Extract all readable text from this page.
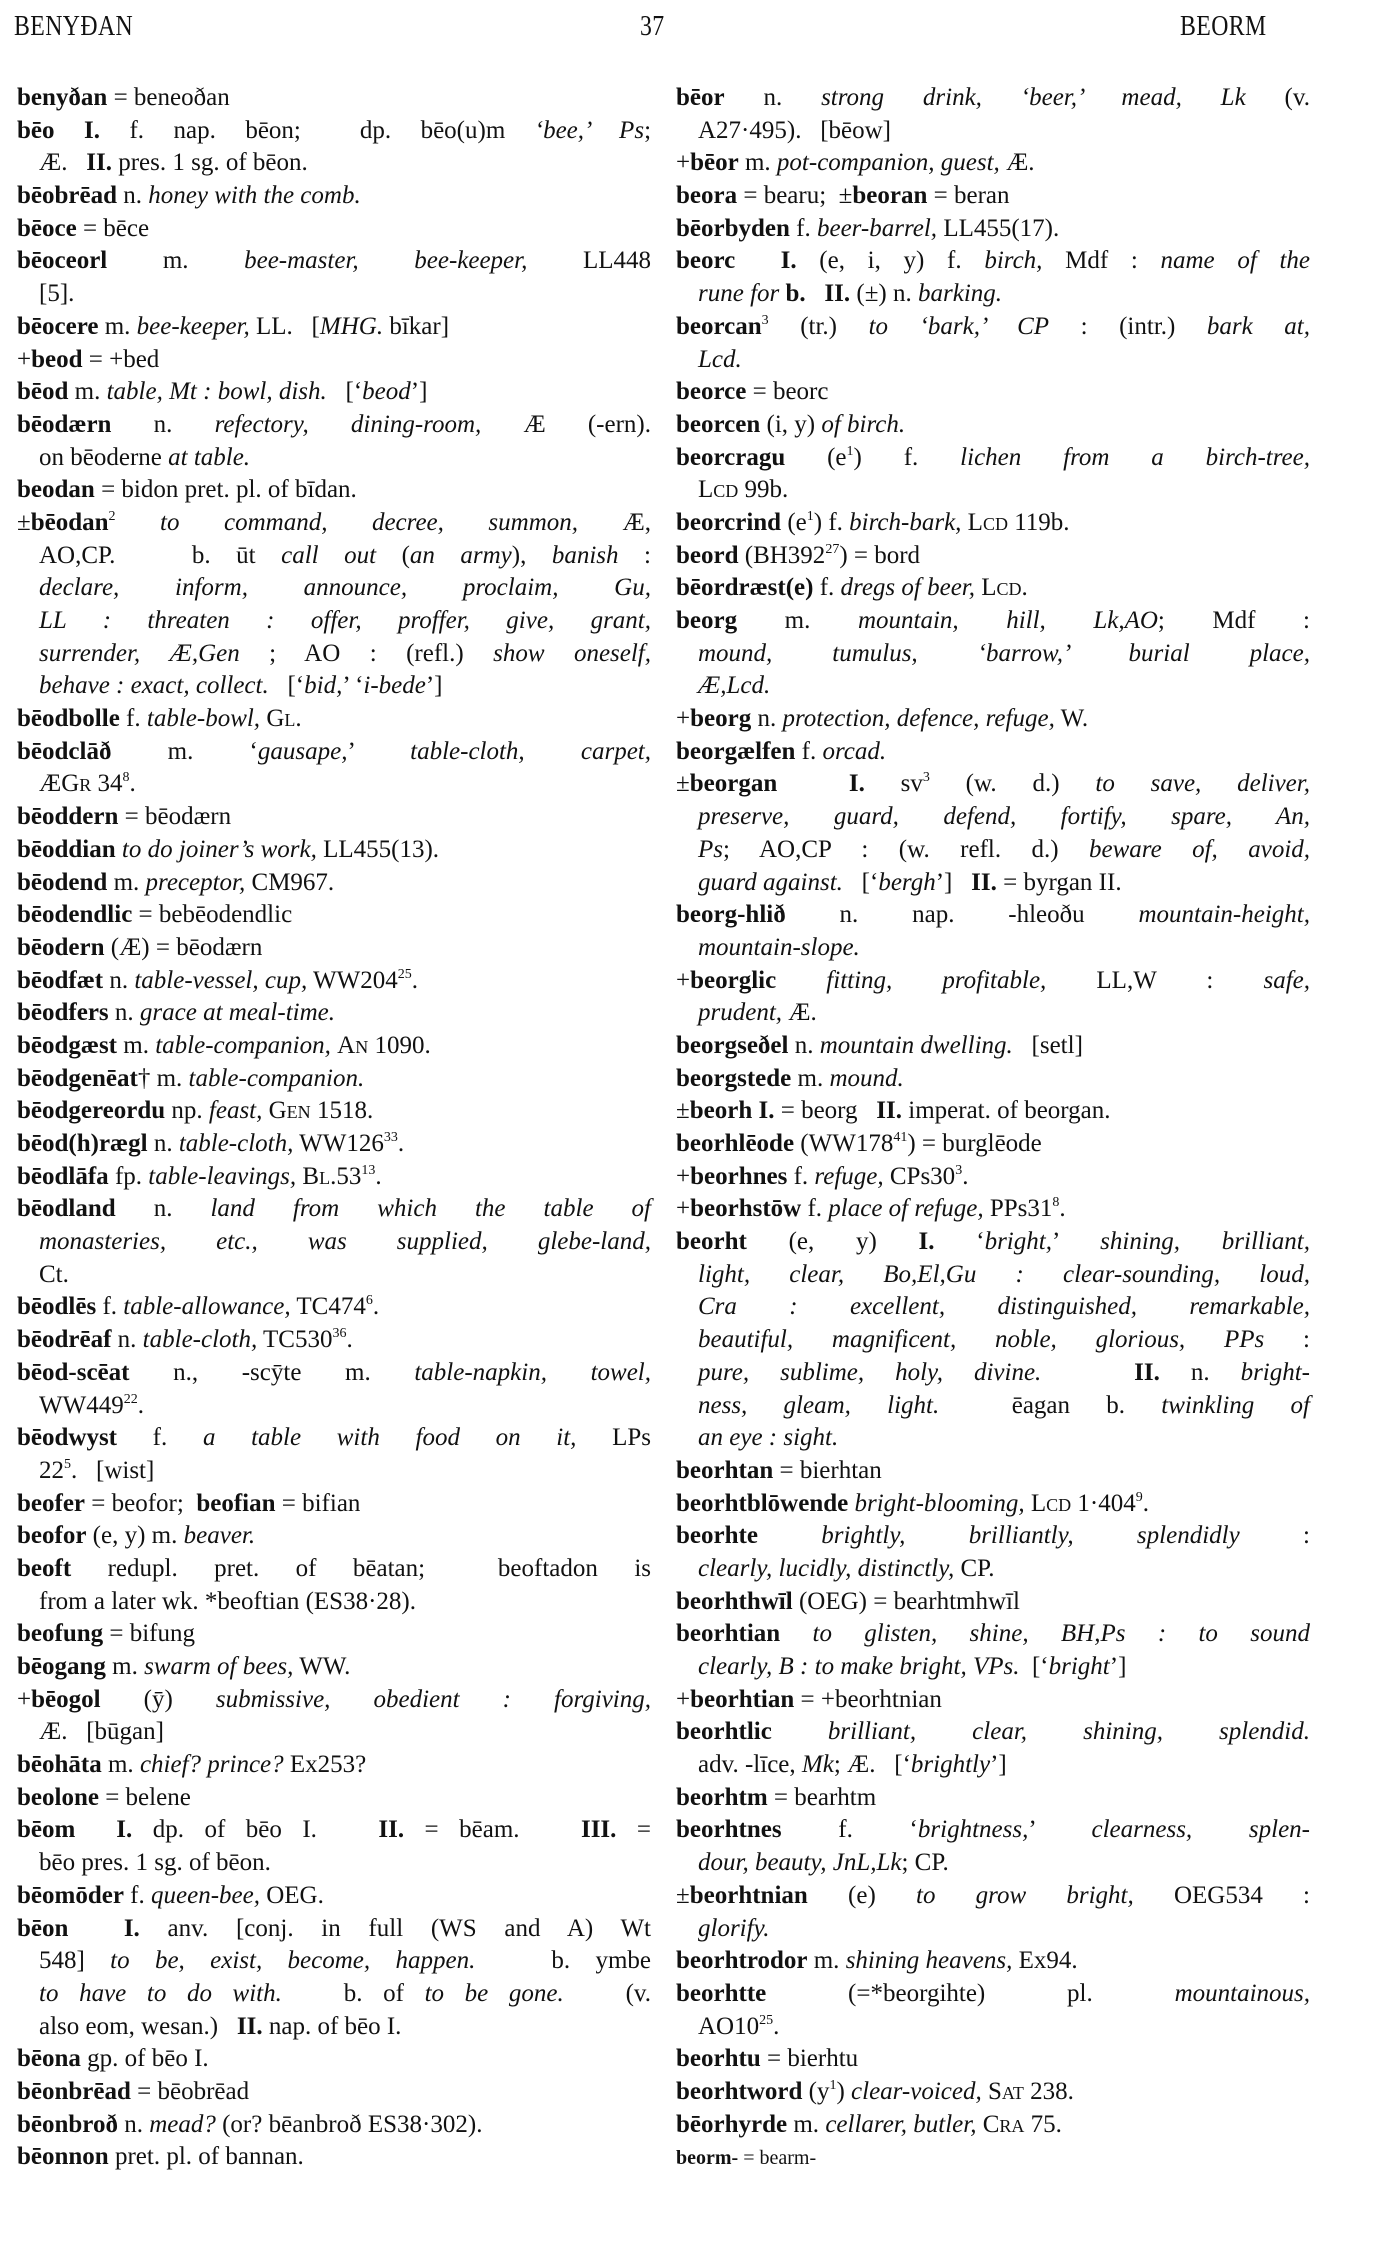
BENYĐAN	37	BEORM
benyðan = beneoðan
bēo I. f. nap. bēon;  dp. bēo(u)m ‘bee,’ Ps;
Æ.   II. pres. 1 sg. of bēon.
bēobrēad n. honey with the comb.
bēoce = bēce
bēoceorl m. bee-master, bee-keeper, LL448
[5].
bēocere m. bee-keeper, LL.   [MHG. bīkar]
+beod = +bed
bēod m. table, Mt : bowl, dish.   [‘beod’]
bēodærn n. refectory, dining-room, Æ (-ern).
on bēoderne at table.
beodan = bidon pret. pl. of bīdan.
±bēodan$^2$ to command, decree, summon, Æ,
AO,CP.   b. ūt call out (an army), banish :
declare, inform, announce, proclaim, Gu,
LL : threaten : offer, proffer, give, grant,
surrender, Æ,Gen ; AO : (refl.) show oneself,
behave : exact, collect.   [‘bid,’ ‘i-bede’]
bēodbolle f. table-bowl, Gl.
bēodclāð m. ‘gausape,’ table-cloth, carpet,
ÆGr $34^8$.
bēoddern = bēodærn
bēoddian to do joiner’s work, LL455(13).
bēodend m. preceptor, CM967.
bēodendlic = bebēodendlic
bēodern (Æ) = bēodærn
bēodfæt n. table-vessel, cup, $WW204^{25}$.
bēodfers n. grace at meal-time.
bēodgæst m. table-companion, An 1090.
bēodgenēat† m. table-companion.
bēodgereordu np. feast, Gen 1518.
bēod(h)rægl n. table-cloth, $WW126^{33}$.
bēodlāfa fp. table-leavings, $Bl.53^{13}$.
bēodland n. land from which the table of
monasteries, etc., was supplied, glebe-land,
Ct.
bēodlēs f. table-allowance, $TC474^6$.
bēodrēaf n. table-cloth, $TC530^{36}$.
bēod-scēat n., -scȳte m. table-napkin, towel,
$WW449^{22}$.
bēodwyst f. a table with food on it, LPs
$22^5$.   [wist]
beofer = beofor;  beofian = bifian
beofor (e, y) m. beaver.
beoft redupl. pret. of bēatan;  beoftadon is
from a later wk. *beoftian (ES38·28).
beofung = bifung
bēogang m. swarm of bees, WW.
+bēogol (ȳ) submissive, obedient : forgiving,
Æ.   [būgan]
bēohāta m. chief? prince? Ex253?
beolone = belene
bēom  I. dp. of bēo I.   II. = bēam.   III. =
bēo pres. 1 sg. of bēon.
bēomōder f. queen-bee, OEG.
bēon  I. anv. [conj. in full (WS and A) Wt
548] to be, exist, become, happen.   b. ymbe
to have to do with.   b. of to be gone.   (v.
also eom, wesan.)   II. nap. of bēo I.
bēona gp. of bēo I.
bēonbrēad = bēobrēad
bēonbroð n. mead? (or? bēanbroð ES38·302).
bēonnon pret. pl. of bannan.
bēor n. strong drink, ‘beer,’ mead, Lk (v.
A27·495).   [bēow]
+bēor m. pot-companion, guest, Æ.
beora = bearu;  ±beoran = beran
bēorbyden f. beer-barrel, LL455(17).
beorc  I. (e, i, y) f. birch, Mdf : name of the
rune for b. II. (±) n. barking.
beorcan$^3$ (tr.) to ‘bark,’ CP : (intr.) bark at,
Lcd.
beorce = beorc
beorcen (i, y) of birch.
beorcragu $(e^1)$ f. lichen from a birch-tree,
Lcd 99b.
beorcrind $(e^1)$ f. birch-bark, Lcd 119b.
beord $(BH392^{27})$ = bord
bēordræst(e) f. dregs of beer, Lcd.
beorg m. mountain, hill, Lk,AO; Mdf :
mound, tumulus, ‘barrow,’ burial place,
Æ,Lcd.
+beorg n. protection, defence, refuge, W.
beorgælfen f. orcad.
±beorgan  I. $sv^3$ (w. d.) to save, deliver,
preserve, guard, defend, fortify, spare, An,
Ps; AO,CP : (w. refl. d.) beware of, avoid,
guard against.   [‘bergh’]   II. = byrgan II.
beorg-hlið n. nap. -hleoðu mountain-height,
mountain-slope.
+beorglic fitting, profitable, LL,W : safe,
prudent, Æ.
beorgseðel n. mountain dwelling.   [setl]
beorgstede m. mound.
±beorh I. = beorg   II. imperat. of beorgan.
beorhlēode $(WW178^{41})$ = burglēode
+beorhnes f. refuge, $CPs30^3$.
+beorhstōw f. place of refuge, $PPs31^8$.
beorht (e, y) I. ‘bright,’ shining, brilliant,
light, clear, Bo,El,Gu : clear-sounding, loud,
Cra : excellent, distinguished, remarkable,
beautiful, magnificent, noble, glorious, PPs :
pure, sublime, holy, divine.	II. n. bright-
ness, gleam, light.  ēagan b. twinkling of
an eye : sight.
beorhtan = bierhtan
beorhtblōwende bright-blooming, Lcd $1\cdot 404^9$.
beorhte	brightly, brilliantly, splendidly :
clearly, lucidly, distinctly, CP.
beorhthwīl (OEG) = bearhtmhwīl
beorhtian to glisten, shine, BH,Ps : to sound
clearly, B : to make bright, VPs.  [‘bright’]
+beorhtian = +beorhtnian
beorhtlic brilliant, clear, shining, splendid.
adv. -līce, Mk; Æ.   [‘brightly’]
beorhtm = bearhtm
beorhtnes f. ‘brightness,’ clearness, splen-
dour, beauty, JnL,Lk; CP.
±beorhtnian (e) to grow bright, OEG534 :
glorify.
beorhtrodor m. shining heavens, Ex94.
beorhtte (=*beorgihte) pl. mountainous,
$AO10^{25}$.
beorhtu = bierhtu
beorhtword $(y^1)$ clear-voiced, Sat 238.
bēorhyrde m. cellarer, butler, Cra 75.
beorm- = bearm-
